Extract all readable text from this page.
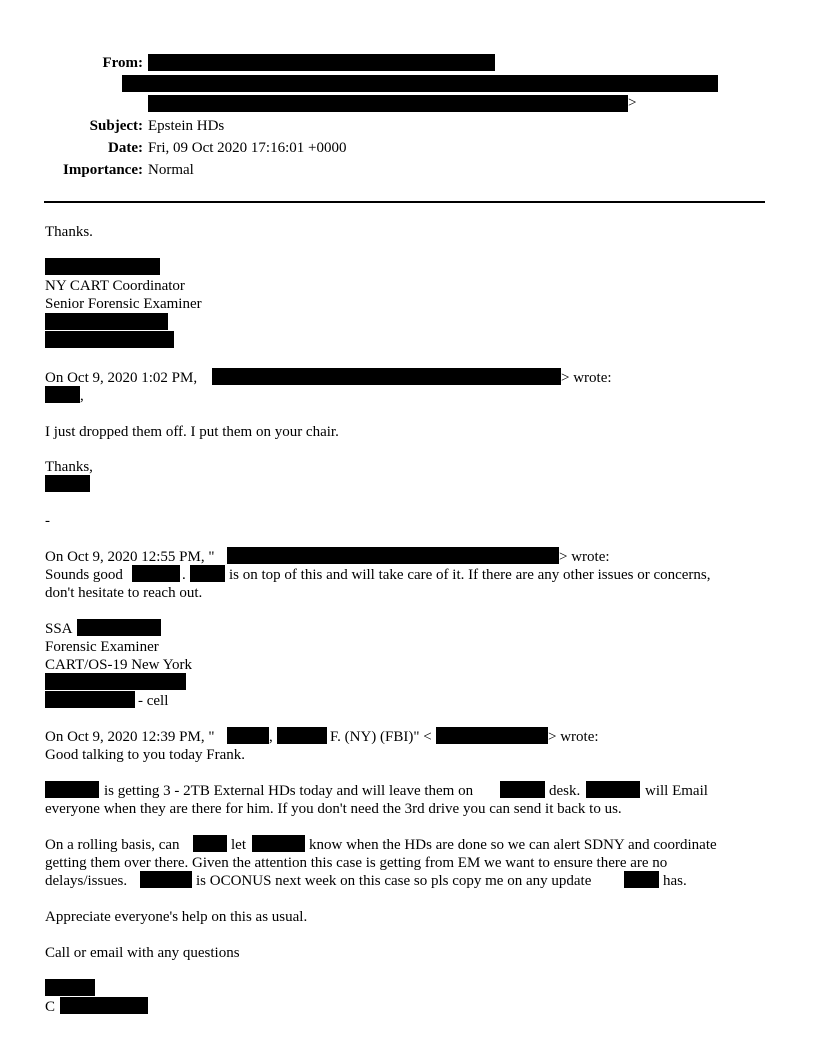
From:
>
Subject: Epstein HDs
Date: Fri, 09 Oct 2020 17:16:01 +0000
Importance: Normal
Thanks.
NY CART Coordinator
Senior Forensic Examiner
On Oct 9, 2020 1:02 PM,	> wrote:
,
I just dropped them off. I put them on your chair.
Thanks,
-
On Oct 9, 2020 12:55 PM, "	> wrote:
Sounds good	.	is on top of this and will take care of it. If there are any other issues or concerns,
don't hesitate to reach out.
SSA
Forensic Examiner
CART/OS-19 New York
- cell
On Oct 9, 2020 12:39 PM, "	,	F. (NY) (FBI)" <	> wrote:
Good talking to you today Frank.
is getting 3 - 2TB External HDs today and will leave them on	desk.	will Email
everyone when they are there for him. If you don't need the 3rd drive you can send it back to us.
On a rolling basis, can	let	know when the HDs are done so we can alert SDNY and coordinate
getting them over there. Given the attention this case is getting from EM we want to ensure there are no
delays/issues.	is OCONUS next week on this case so pls copy me on any update	has.
Appreciate everyone's help on this as usual.
Call or email with any questions
C
